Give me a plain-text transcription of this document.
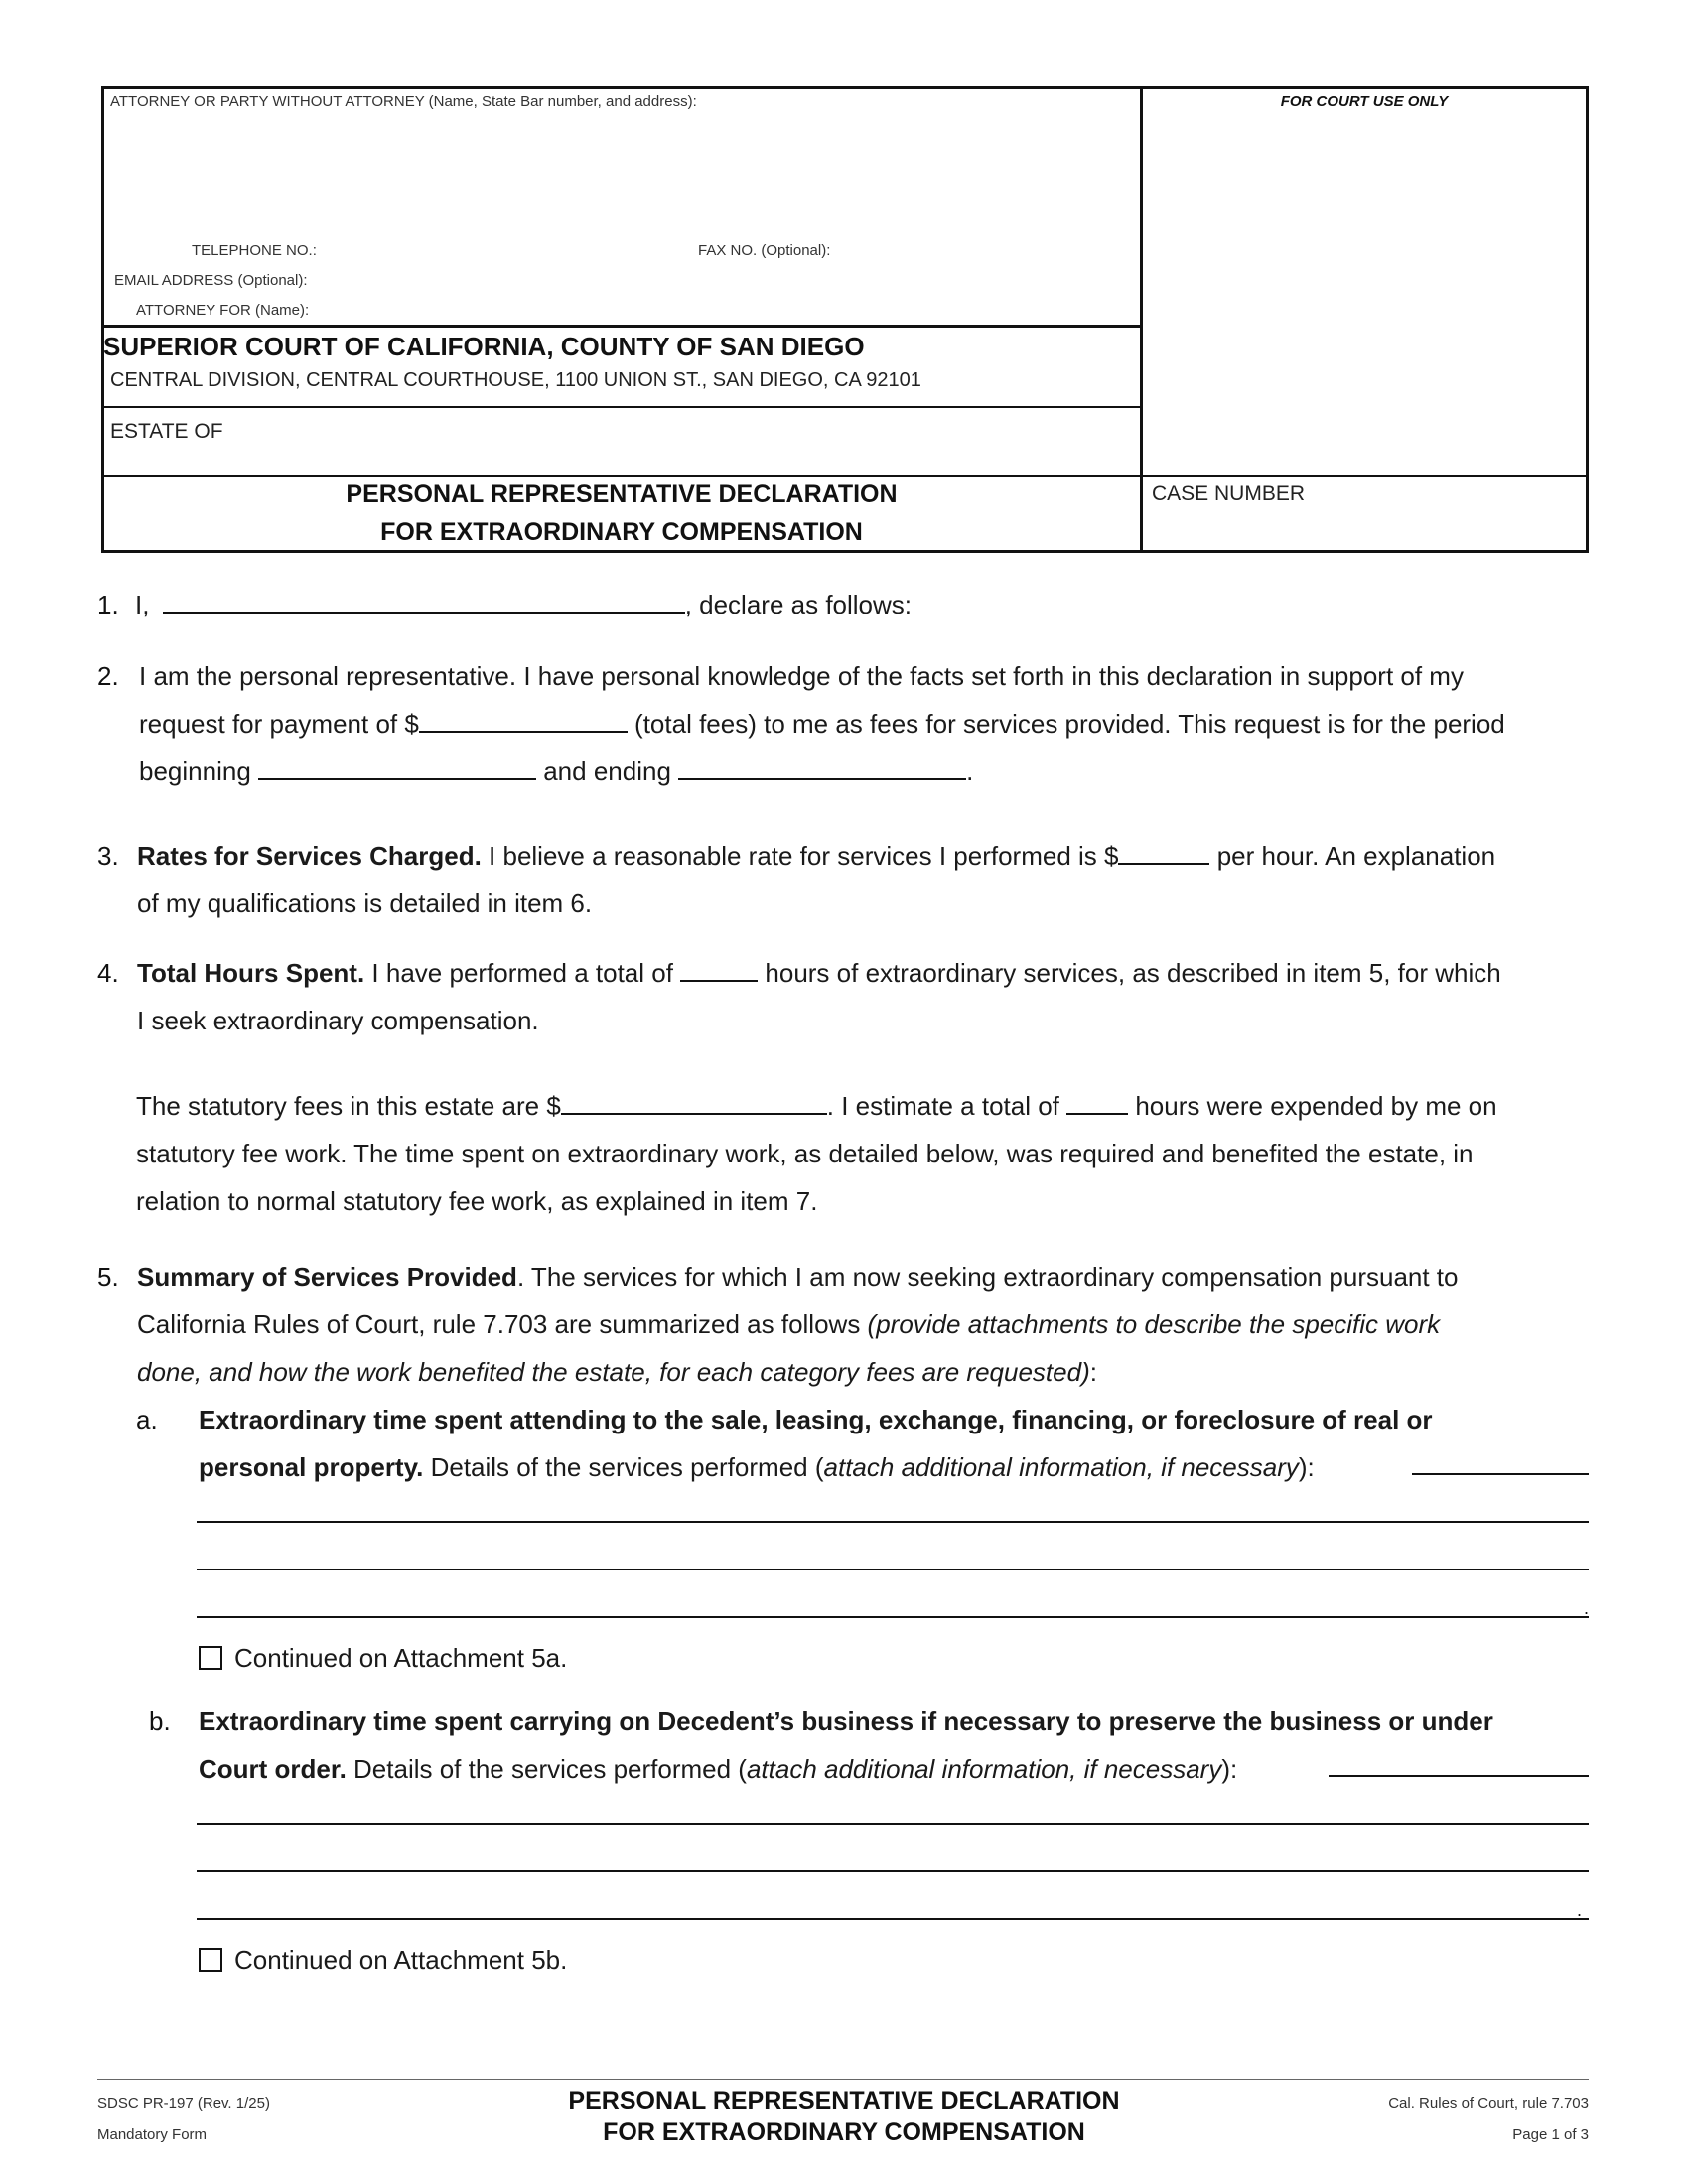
ATTORNEY OR PARTY WITHOUT ATTORNEY (Name, State Bar number, and address):	FOR COURT USE ONLY
TELEPHONE NO.:	FAX NO. (Optional):
EMAIL ADDRESS (Optional):
ATTORNEY FOR (Name):
SUPERIOR COURT OF CALIFORNIA, COUNTY OF SAN DIEGO
CENTRAL DIVISION, CENTRAL COURTHOUSE, 1100 UNION ST., SAN DIEGO, CA 92101
ESTATE OF
PERSONAL REPRESENTATIVE DECLARATION
FOR EXTRAORDINARY COMPENSATION
CASE NUMBER
1. I,	, declare as follows:
2. I am the personal representative. I have personal knowledge of the facts set forth in this declaration in support of my
request for payment of $	(total fees) to me as fees for services provided. This request is for the period
beginning	and ending	.
3. Rates for Services Charged. I believe a reasonable rate for services I performed is $	per hour. An explanation
of my qualifications is detailed in item 6.
4. Total Hours Spent. I have performed a total of	hours of extraordinary services, as described in item 5, for which
I seek extraordinary compensation.
The statutory fees in this estate are $	. I estimate a total of  hours were expended by me on
statutory fee work. The time spent on extraordinary work, as detailed below, was required and benefited the estate, in
relation to normal statutory fee work, as explained in item 7.
5. Summary of Services Provided. The services for which I am now seeking extraordinary compensation pursuant to
California Rules of Court, rule 7.703 are summarized as follows (provide attachments to describe the specific work
done, and how the work benefited the estate, for each category fees are requested):
a. Extraordinary time spent attending to the sale, leasing, exchange, financing, or foreclosure of real or
personal property. Details of the services performed (attach additional information, if necessary):
.
Continued on Attachment 5a.
b. Extraordinary time spent carrying on Decedent’s business if necessary to preserve the business or under
Court order. Details of the services performed (attach additional information, if necessary):
.
Continued on Attachment 5b.
SDSC PR-197 (Rev. 1/25)
Mandatory Form
PERSONAL REPRESENTATIVE DECLARATION
FOR EXTRAORDINARY COMPENSATION
Cal. Rules of Court, rule 7.703
Page 1 of 3
